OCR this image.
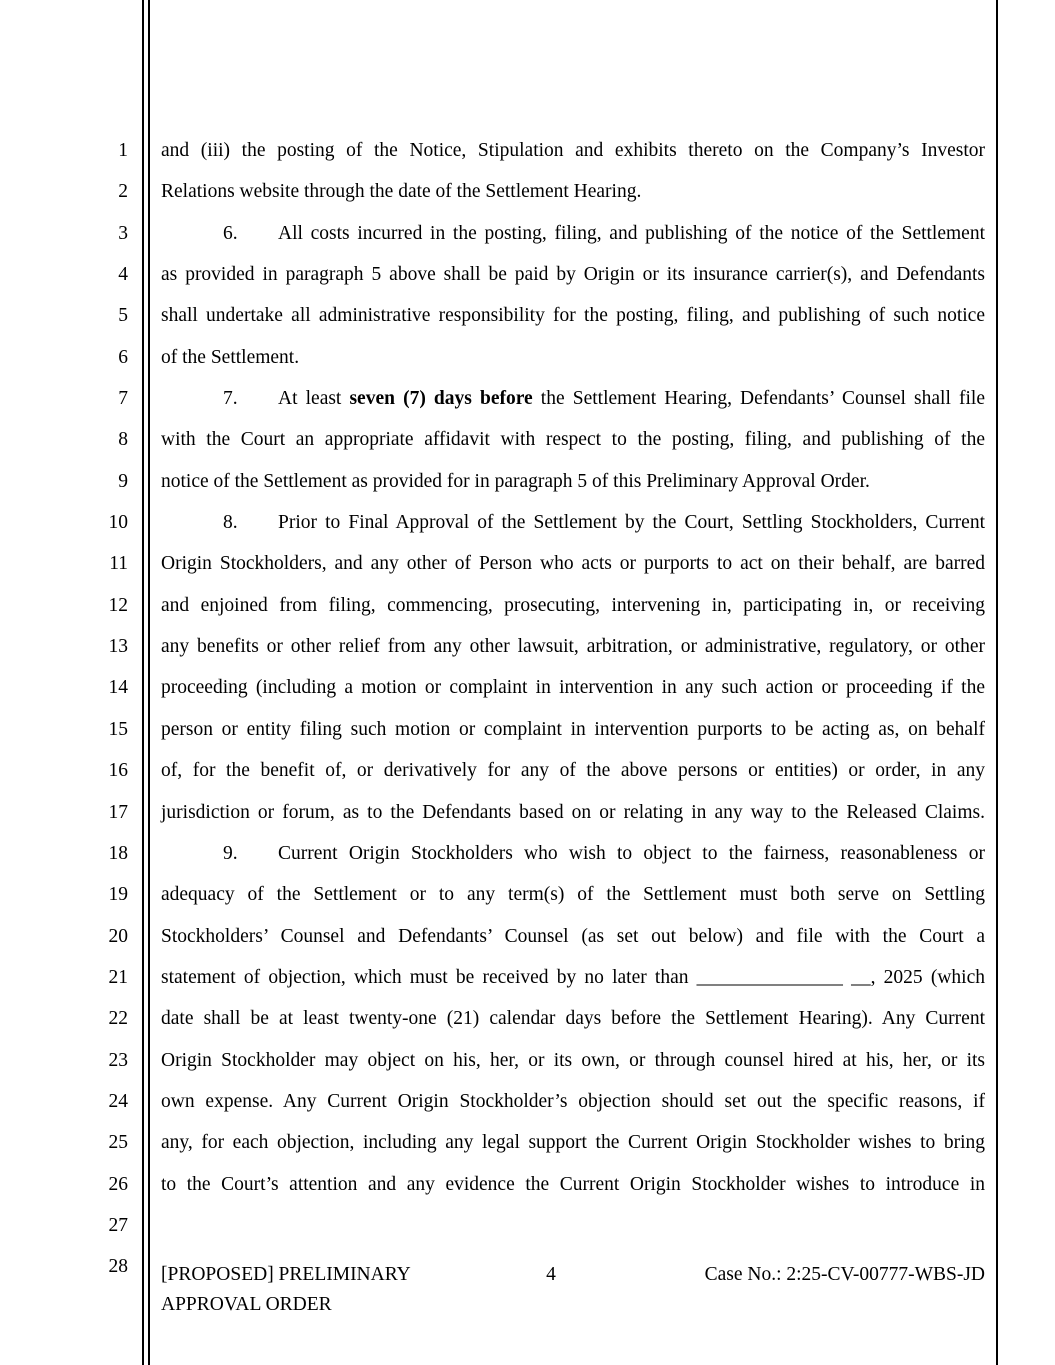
1
2
3
4
5
6
7
8
9
10
11
12
13
14
15
16
17
18
19
20
21
22
23
24
25
26
27
28
and (iii) the posting of the Notice, Stipulation and exhibits thereto on the Company’s Investor
Relations website through the date of the Settlement Hearing.
6. All costs incurred in the posting, filing, and publishing of the notice of the Settlement
as provided in paragraph 5 above shall be paid by Origin or its insurance carrier(s), and Defendants
shall undertake all administrative responsibility for the posting, filing, and publishing of such notice
of the Settlement.
7. At least seven (7) days before the Settlement Hearing, Defendants’ Counsel shall file
with the Court an appropriate affidavit with respect to the posting, filing, and publishing of the
notice of the Settlement as provided for in paragraph 5 of this Preliminary Approval Order.
8. Prior to Final Approval of the Settlement by the Court, Settling Stockholders, Current
Origin Stockholders, and any other of Person who acts or purports to act on their behalf, are barred
and enjoined from filing, commencing, prosecuting, intervening in, participating in, or receiving
any benefits or other relief from any other lawsuit, arbitration, or administrative, regulatory, or other
proceeding (including a motion or complaint in intervention in any such action or proceeding if the
person or entity filing such motion or complaint in intervention purports to be acting as, on behalf
of, for the benefit of, or derivatively for any of the above persons or entities) or order, in any
jurisdiction or forum, as to the Defendants based on or relating in any way to the Released Claims.
9. Current Origin Stockholders who wish to object to the fairness, reasonableness or
adequacy of the Settlement or to any term(s) of the Settlement must both serve on Settling
Stockholders’ Counsel and Defendants’ Counsel (as set out below) and file with the Court a
statement of objection, which must be received by no later than _______________ __, 2025 (which
date shall be at least twenty-one (21) calendar days before the Settlement Hearing). Any Current
Origin Stockholder may object on his, her, or its own, or through counsel hired at his, her, or its
own expense. Any Current Origin Stockholder’s objection should set out the specific reasons, if
any, for each objection, including any legal support the Current Origin Stockholder wishes to bring
to the Court’s attention and any evidence the Current Origin Stockholder wishes to introduce in
[PROPOSED] PRELIMINARY
APPROVAL ORDER
4	Case No.: 2:25-CV-00777-WBS-JD
